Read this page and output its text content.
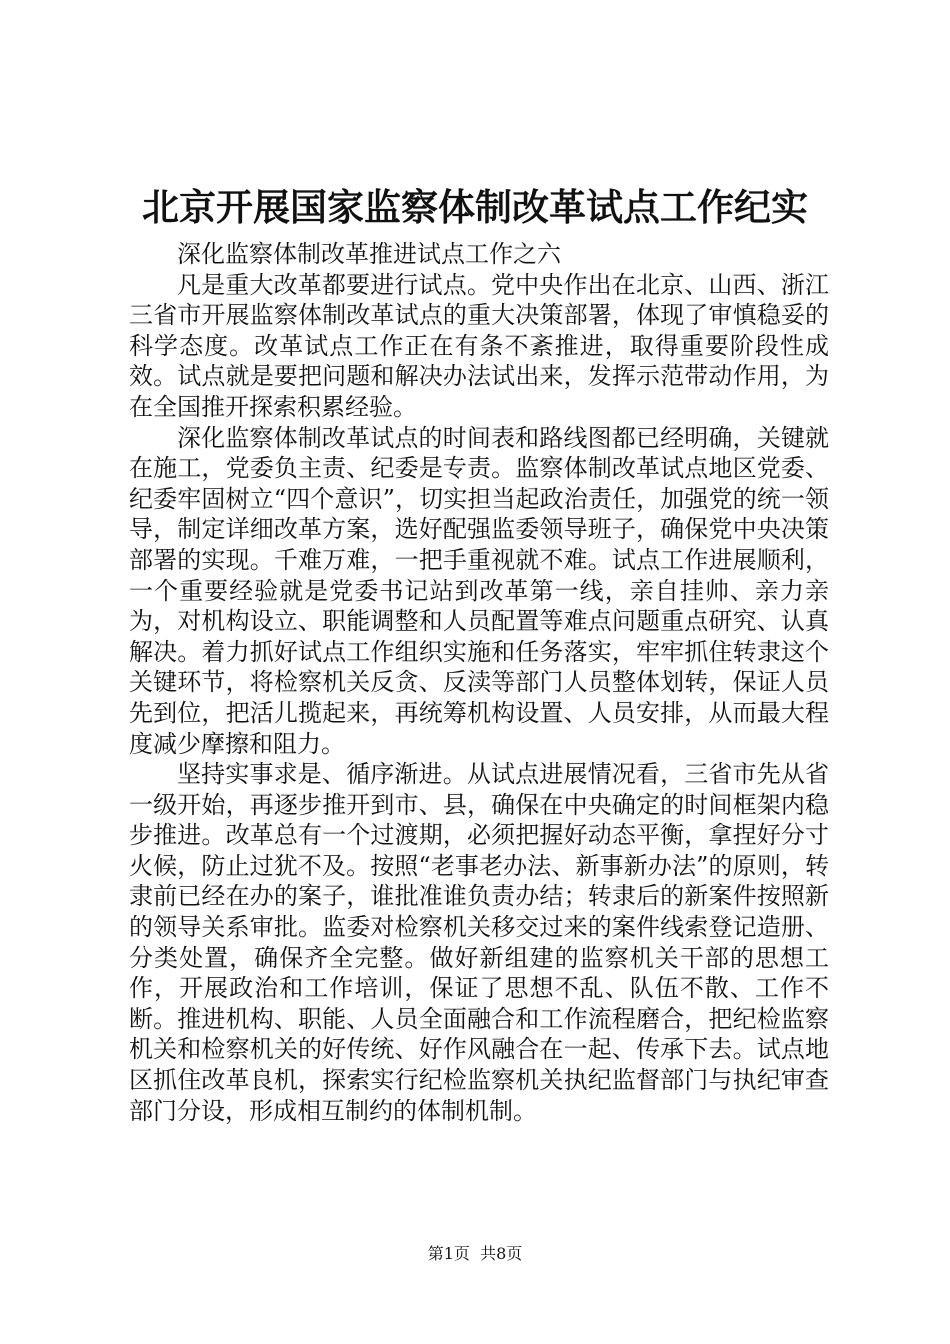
北京开展国家监察体制改革试点工作纪实

深化监察体制改革推进试点工作之六

凡是重大改革都要进行试点。党中央作出在北京、山西、浙江三省市开展监察体制改革试点的重大决策部署，体现了审慎稳妥的科学态度。改革试点工作正在有条不紊推进，取得重要阶段性成效。试点就是要把问题和解决办法试出来，发挥示范带动作用，为在全国推开探索积累经验。

深化监察体制改革试点的时间表和路线图都已经明确，关键就在施工，党委负主责、纪委是专责。监察体制改革试点地区党委、纪委牢固树立“四个意识”，切实担当起政治责任，加强党的统一领导，制定详细改革方案，选好配强监委领导班子，确保党中央决策部署的实现。千难万难，一把手重视就不难。试点工作进展顺利，一个重要经验就是党委书记站到改革第一线，亲自挂帅、亲力亲为，对机构设立、职能调整和人员配置等难点问题重点研究、认真解决。着力抓好试点工作组织实施和任务落实，牢牢抓住转隶这个关键环节，将检察机关反贪、反渎等部门人员整体划转，保证人员先到位，把活儿揽起来，再统筹机构设置、人员安排，从而最大程度减少摩擦和阻力。

坚持实事求是、循序渐进。从试点进展情况看，三省市先从省一级开始，再逐步推开到市、县，确保在中央确定的时间框架内稳步推进。改革总有一个过渡期，必须把握好动态平衡，拿捏好分寸火候，防止过犹不及。按照“老事老办法、新事新办法”的原则，转隶前已经在办的案子，谁批准谁负责办结；转隶后的新案件按照新的领导关系审批。监委对检察机关移交过来的案件线索登记造册、分类处置，确保齐全完整。做好新组建的监察机关干部的思想工作，开展政治和工作培训，保证了思想不乱、队伍不散、工作不断。推进机构、职能、人员全面融合和工作流程磨合，把纪检监察机关和检察机关的好传统、好作风融合在一起、传承下去。试点地区抓住改革良机，探索实行纪检监察机关执纪监督部门与执纪审查部门分设，形成相互制约的体制机制。

第1页 共8页
